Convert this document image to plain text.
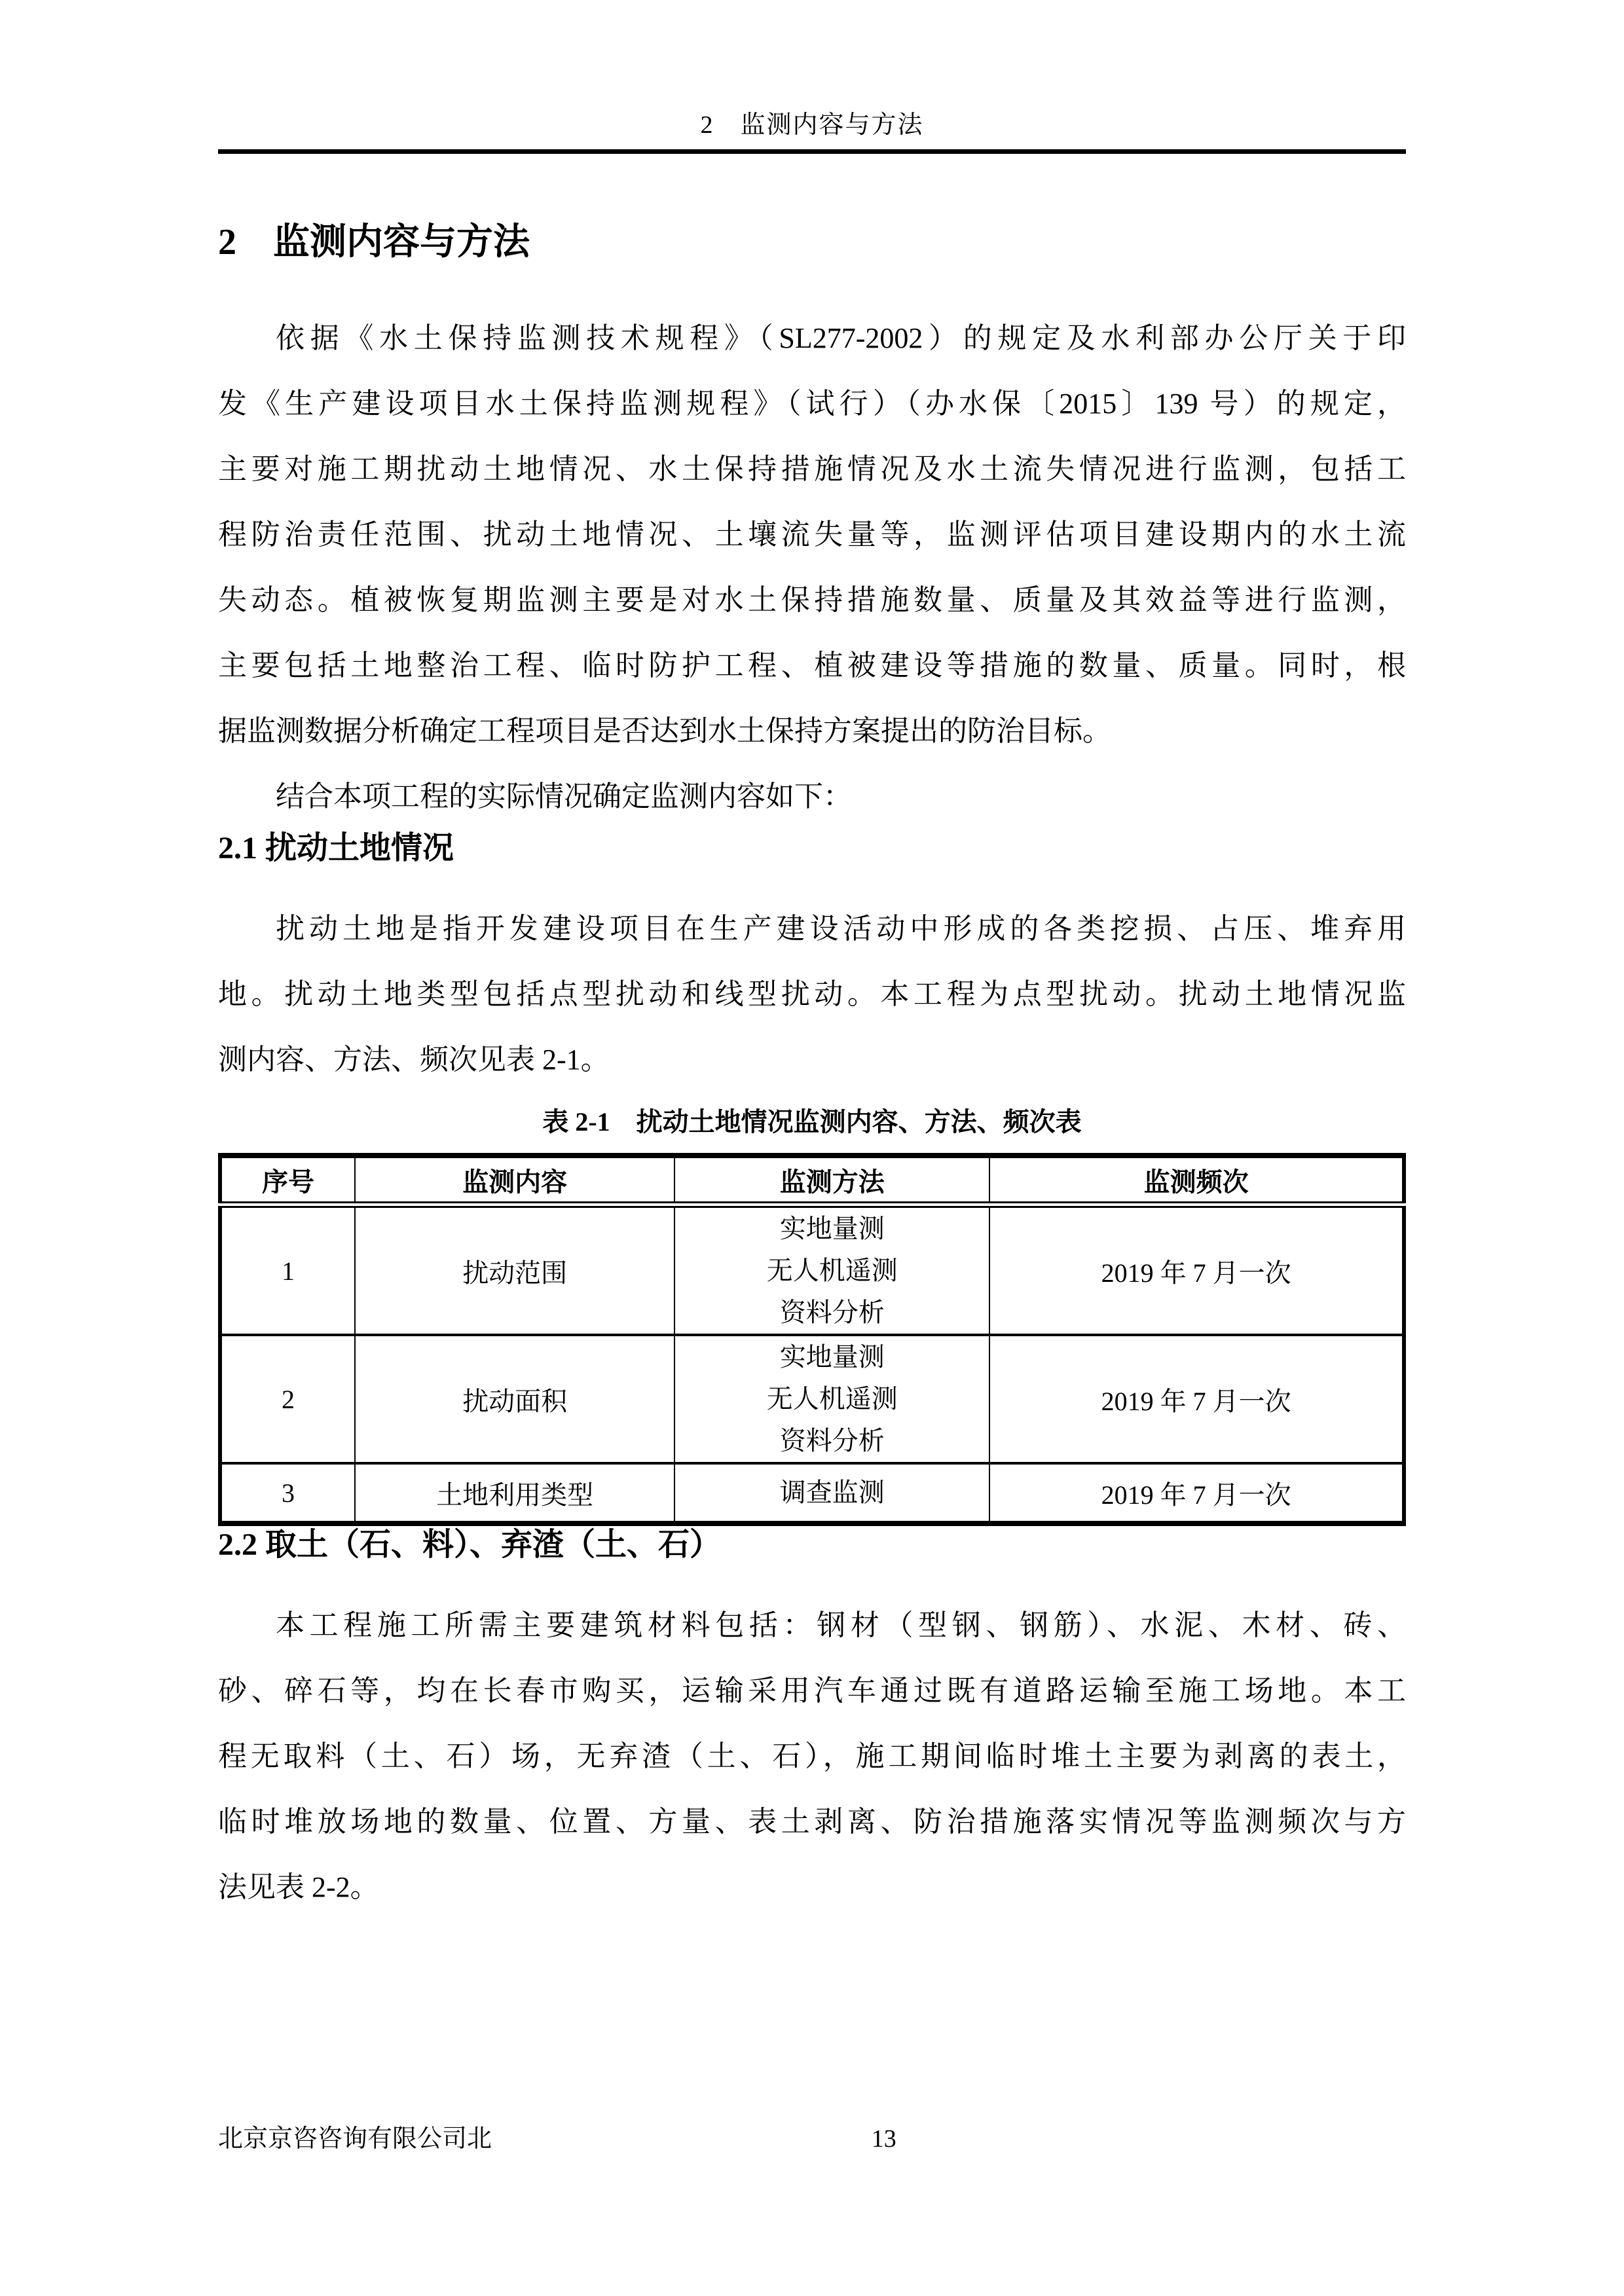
2　监测内容与方法
2　监测内容与方法
依据《水土保持监测技术规程》（SL277-2002）的规定及水利部办公厅关于印
发《生产建设项目水土保持监测规程》（试行）（办水保〔2015〕139 号）的规定，
主要对施工期扰动土地情况、水土保持措施情况及水土流失情况进行监测，包括工
程防治责任范围、扰动土地情况、土壤流失量等，监测评估项目建设期内的水土流
失动态。植被恢复期监测主要是对水土保持措施数量、质量及其效益等进行监测，
主要包括土地整治工程、临时防护工程、植被建设等措施的数量、质量。同时，根
据监测数据分析确定工程项目是否达到水土保持方案提出的防治目标。
结合本项工程的实际情况确定监测内容如下：
2.1 扰动土地情况
扰动土地是指开发建设项目在生产建设活动中形成的各类挖损、占压、堆弃用
地。扰动土地类型包括点型扰动和线型扰动。本工程为点型扰动。扰动土地情况监
测内容、方法、频次见表 2-1。
表 2-1　扰动土地情况监测内容、方法、频次表
序号	监测内容	监测方法	监测频次
1	扰动范围	实地量测
无人机遥测
资料分析	2019 年 7 月一次
2	扰动面积	实地量测
无人机遥测
资料分析	2019 年 7 月一次
3	土地利用类型	调查监测	2019 年 7 月一次
2.2 取土（石、料）、弃渣（土、石）
本工程施工所需主要建筑材料包括：钢材（型钢、钢筋）、水泥、木材、砖、
砂、碎石等，均在长春市购买，运输采用汽车通过既有道路运输至施工场地。本工
程无取料（土、石）场，无弃渣（土、石），施工期间临时堆土主要为剥离的表土，
临时堆放场地的数量、位置、方量、表土剥离、防治措施落实情况等监测频次与方
法见表 2-2。
北京京咨咨询有限公司北	13
